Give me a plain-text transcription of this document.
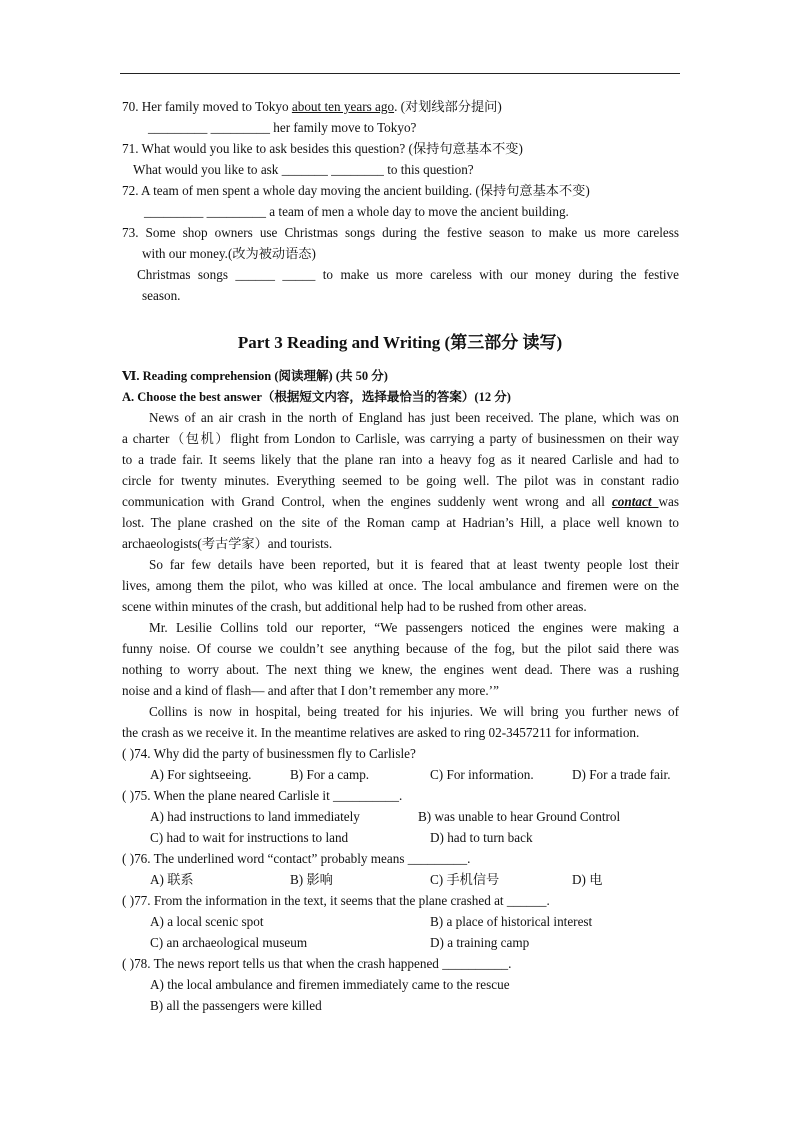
70. Her family moved to Tokyo about ten years ago. (对划线部分提问)
_________ _________ her family move to Tokyo?
71. What would you like to ask besides this question? (保持句意基本不变)
What would you like to ask _______ ________ to this question?
72. A team of men spent a whole day moving the ancient building. (保持句意基本不变)
_________ _________ a team of men a whole day to move the ancient building.
73. Some shop owners use Christmas songs during the festive season to make us more careless
with our money.(改为被动语态)
Christmas songs ______ _____ to make us more careless with our money during the festive
season.
Part 3 Reading and Writing (第三部分 读写)
Ⅵ. Reading comprehension (阅读理解) (共 50 分)
A. Choose the best answer（根据短文内容，选择最恰当的答案）(12 分)
News of an air crash in the north of England has just been received. The plane, which was on
a charter（包机）flight from London to Carlisle, was carrying a party of businessmen on their way
to a trade fair. It seems likely that the plane ran into a heavy fog as it neared Carlisle and had to
circle for twenty minutes. Everything seemed to be going well. The pilot was in constant radio
communication with Grand Control, when the engines suddenly went wrong and all contact was
lost. The plane crashed on the site of the Roman camp at Hadrian’s Hill, a place well known to
archaeologists(考古学家）and tourists.
So far few details have been reported, but it is feared that at least twenty people lost their
lives, among them the pilot, who was killed at once. The local ambulance and firemen were on the
scene within minutes of the crash, but additional help had to be rushed from other areas.
Mr. Lesilie Collins told our reporter, “We passengers noticed the engines were making a
funny noise. Of course we couldn’t see anything because of the fog, but the pilot said there was
nothing to worry about. The next thing we knew, the engines went dead. There was a rushing
noise and a kind of flash— and after that I don’t remember any more.’”
Collins is now in hospital, being treated for his injuries. We will bring you further news of
the crash as we receive it. In the meantime relatives are asked to ring 02-3457211 for information.
( )74. Why did the party of businessmen fly to Carlisle?
A) For sightseeing.	B) For a camp.	C) For information.	D) For a trade fair.
( )75. When the plane neared Carlisle it __________.
A) had instructions to land immediately	B) was unable to hear Ground Control
C) had to wait for instructions to land	D) had to turn back
( )76. The underlined word “contact” probably means _________.
A) 联系	B) 影响	C) 手机信号	D) 电
( )77. From the information in the text, it seems that the plane crashed at ______.
A) a local scenic spot	B) a place of historical interest
C) an archaeological museum	D) a training camp
( )78. The news report tells us that when the crash happened __________.
A) the local ambulance and firemen immediately came to the rescue
B) all the passengers were killed
